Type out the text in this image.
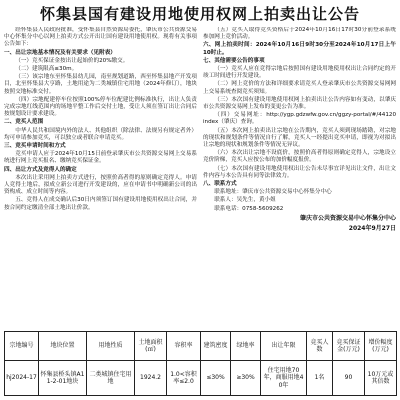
怀集县国有建设用地使用权网上拍卖出让公告

经怀集县人民政府批准，受怀集县自然资源局委托，肇庆市公共资源交易中心怀集分中心以网上拍卖方式公开出让国有建设用地使用权。现将有关事项公告如下：

一、出让宗地基本情况及有关要求（见附表）

（一）竞买保证金按出让起始价的20%缴交。

（二）建筑限高≤30m。

（三）该宗地东至怀集县幼儿园，南至规划道路，西至怀集县地产开发项目，北至怀集县大亨路，土地用途为二类城镇住宅用地（2024年修订），地块按照交地标准交付。

（四）宗地配建停车位按照100%停车位配建比例标准执行，出让人负责完成宗地红线范围内的场地平整工作后交付土地，受让人须在签订出让合同后按规划设计要求建设。

二、竞买人范围

中华人民共和国境内外的法人、其他组织（除法律、法规另有规定者外）均可申请参加竞买，可以独立或者联合申请竞买。

三、竞买申请时间和方式

竞买申请人应于2024年10月15日前登录肇庆市公共资源交易网上交易系统进行网上竞买报名、缴纳竞买保证金。

四、出让方式及竞得人的确定

本次出让采用网上拍卖方式进行，按照价高者得的原则确定竞得人。申请人竞得土地后，拟成立新公司进行开发建设的，应在申请书中明确新公司的出资构成、成立时间等内容。

五、竞得人在成交确认后30日内须签订国有建设用地使用权出让合同，并按合同约定缴清全部土地出让价款。

（五）竞买人取得竞买资格后于2024年10月16日17时30分前登录系统参加网上竞价活动。

六、网上拍卖时间：2024年10月16日9时30分至2024年10月17日上午10时止。

七、其他需要公告的事项

（一）竞买人应在竞得宗地后按照国有建设用地使用权出让合同约定的开竣工时间进行开发建设。

（二）网上竞价的方法和详细要求请竞买人登录肇庆市公共资源交易网网上交易系统查阅竞买须知。

（三）本次国有建设用地使用权网上拍卖出让公告内容如有变动，以肇庆市公共资源交易网上发布的变更公告为准。

（四）交易网址：http://ygp.gdzwfw.gov.cn/ggzy-portal/#/44120 index（肇庆）查询。

（五）本次网上拍卖出让宗地在公告期内，竞买人须到现场踏勘，对宗地的现状和规划条件等情况自行了解，竞买人一经提出竞买申请，即视为对拟出让宗地的现状和规划条件等情况无异议。

（六）本次出让宗地不设底价，按照价高者得原则确定竞得人，宗地设立竞价阶梯，竞买人应按公布的加价幅度报价。

（七）本次国有建设用地使用权出让公告未尽事宜详见出让文件，出让文件内容与本公告具有同等法律效力。

八、联系方式

联系地址：肇庆市公共资源交易中心怀集分中心

联系人：吴先生，黄小姐

联系电话：0758-5609262

肇庆市公共资源交易中心怀集分中心
2024年9月27日
宗地编号	地块位置	用地性质	土地面积(㎡)	容积率	建筑密度	绿地率	出让年限	竞买人数	竞买保证金(万元)	增价幅度(万元)
hj2024-17	怀集县桥头镇A11-2-01地块	二类城镇住宅用地	1924.2	1.0<容积率≤2.0	≤30%	≥30%	住宅用地70年，商服用地40年	1名	90	10万元或其倍数
